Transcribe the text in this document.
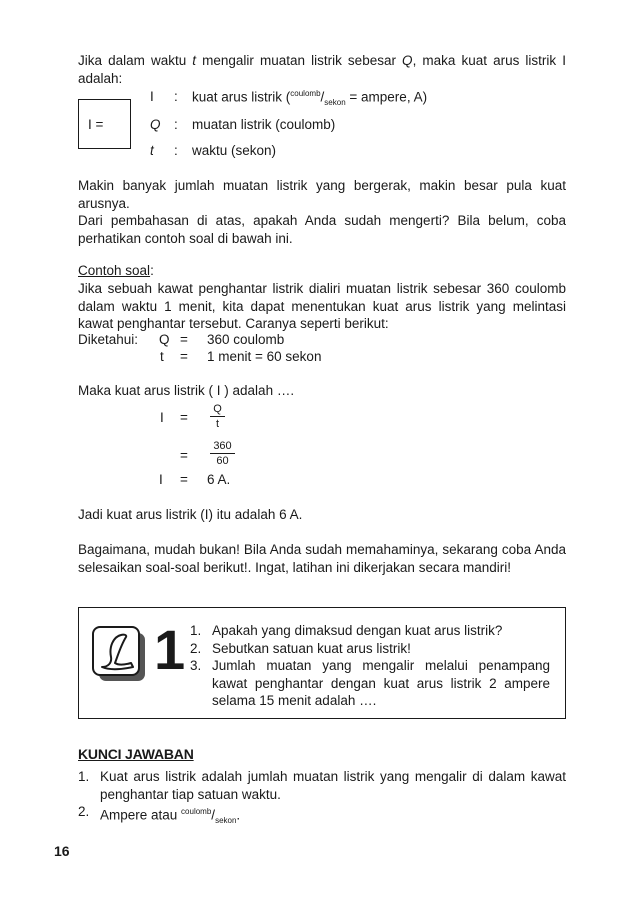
Jika dalam waktu t mengalir muatan listrik sebesar Q, maka kuat arus listrik I adalah:

I =
I : kuat arus listrik ($^{coulomb}/_{sekon}$ = ampere, A)
Q : muatan listrik (coulomb)
t : waktu (sekon)

Makin banyak jumlah muatan listrik yang bergerak, makin besar pula kuat arusnya.

Dari pembahasan di atas, apakah Anda sudah mengerti? Bila belum, coba perhatikan contoh soal di bawah ini.

Contoh soal:

Jika sebuah kawat penghantar listrik dialiri muatan listrik sebesar 360 coulomb dalam waktu 1 menit, kita dapat menentukan kuat arus listrik yang melintasi kawat penghantar tersebut. Caranya seperti berikut:

Diketahui: Q = 360 coulomb
t = 1 menit = 60 sekon
Maka kuat arus listrik ( I ) adalah ….
$I = \frac{Q}{t}$
= $\frac{360}{60}$
I = 6 A.
Jadi kuat arus listrik (I) itu adalah 6 A.

Bagaimana, mudah bukan! Bila Anda sudah memahaminya, sekarang coba Anda selesaikan soal-soal berikut!. Ingat, latihan ini dikerjakan secara mandiri!

1 1. Apakah yang dimaksud dengan kuat arus listrik?
2. Sebutkan satuan kuat arus listrik!
3. Jumlah muatan yang mengalir melalui penampang kawat penghantar dengan kuat arus listrik 2 ampere selama 15 menit adalah ….
KUNCI JAWABAN
1. Kuat arus listrik adalah jumlah muatan listrik yang mengalir di dalam kawat penghantar tiap satuan waktu.
2. Ampere atau $^{coulomb}/_{sekon}$.
16
